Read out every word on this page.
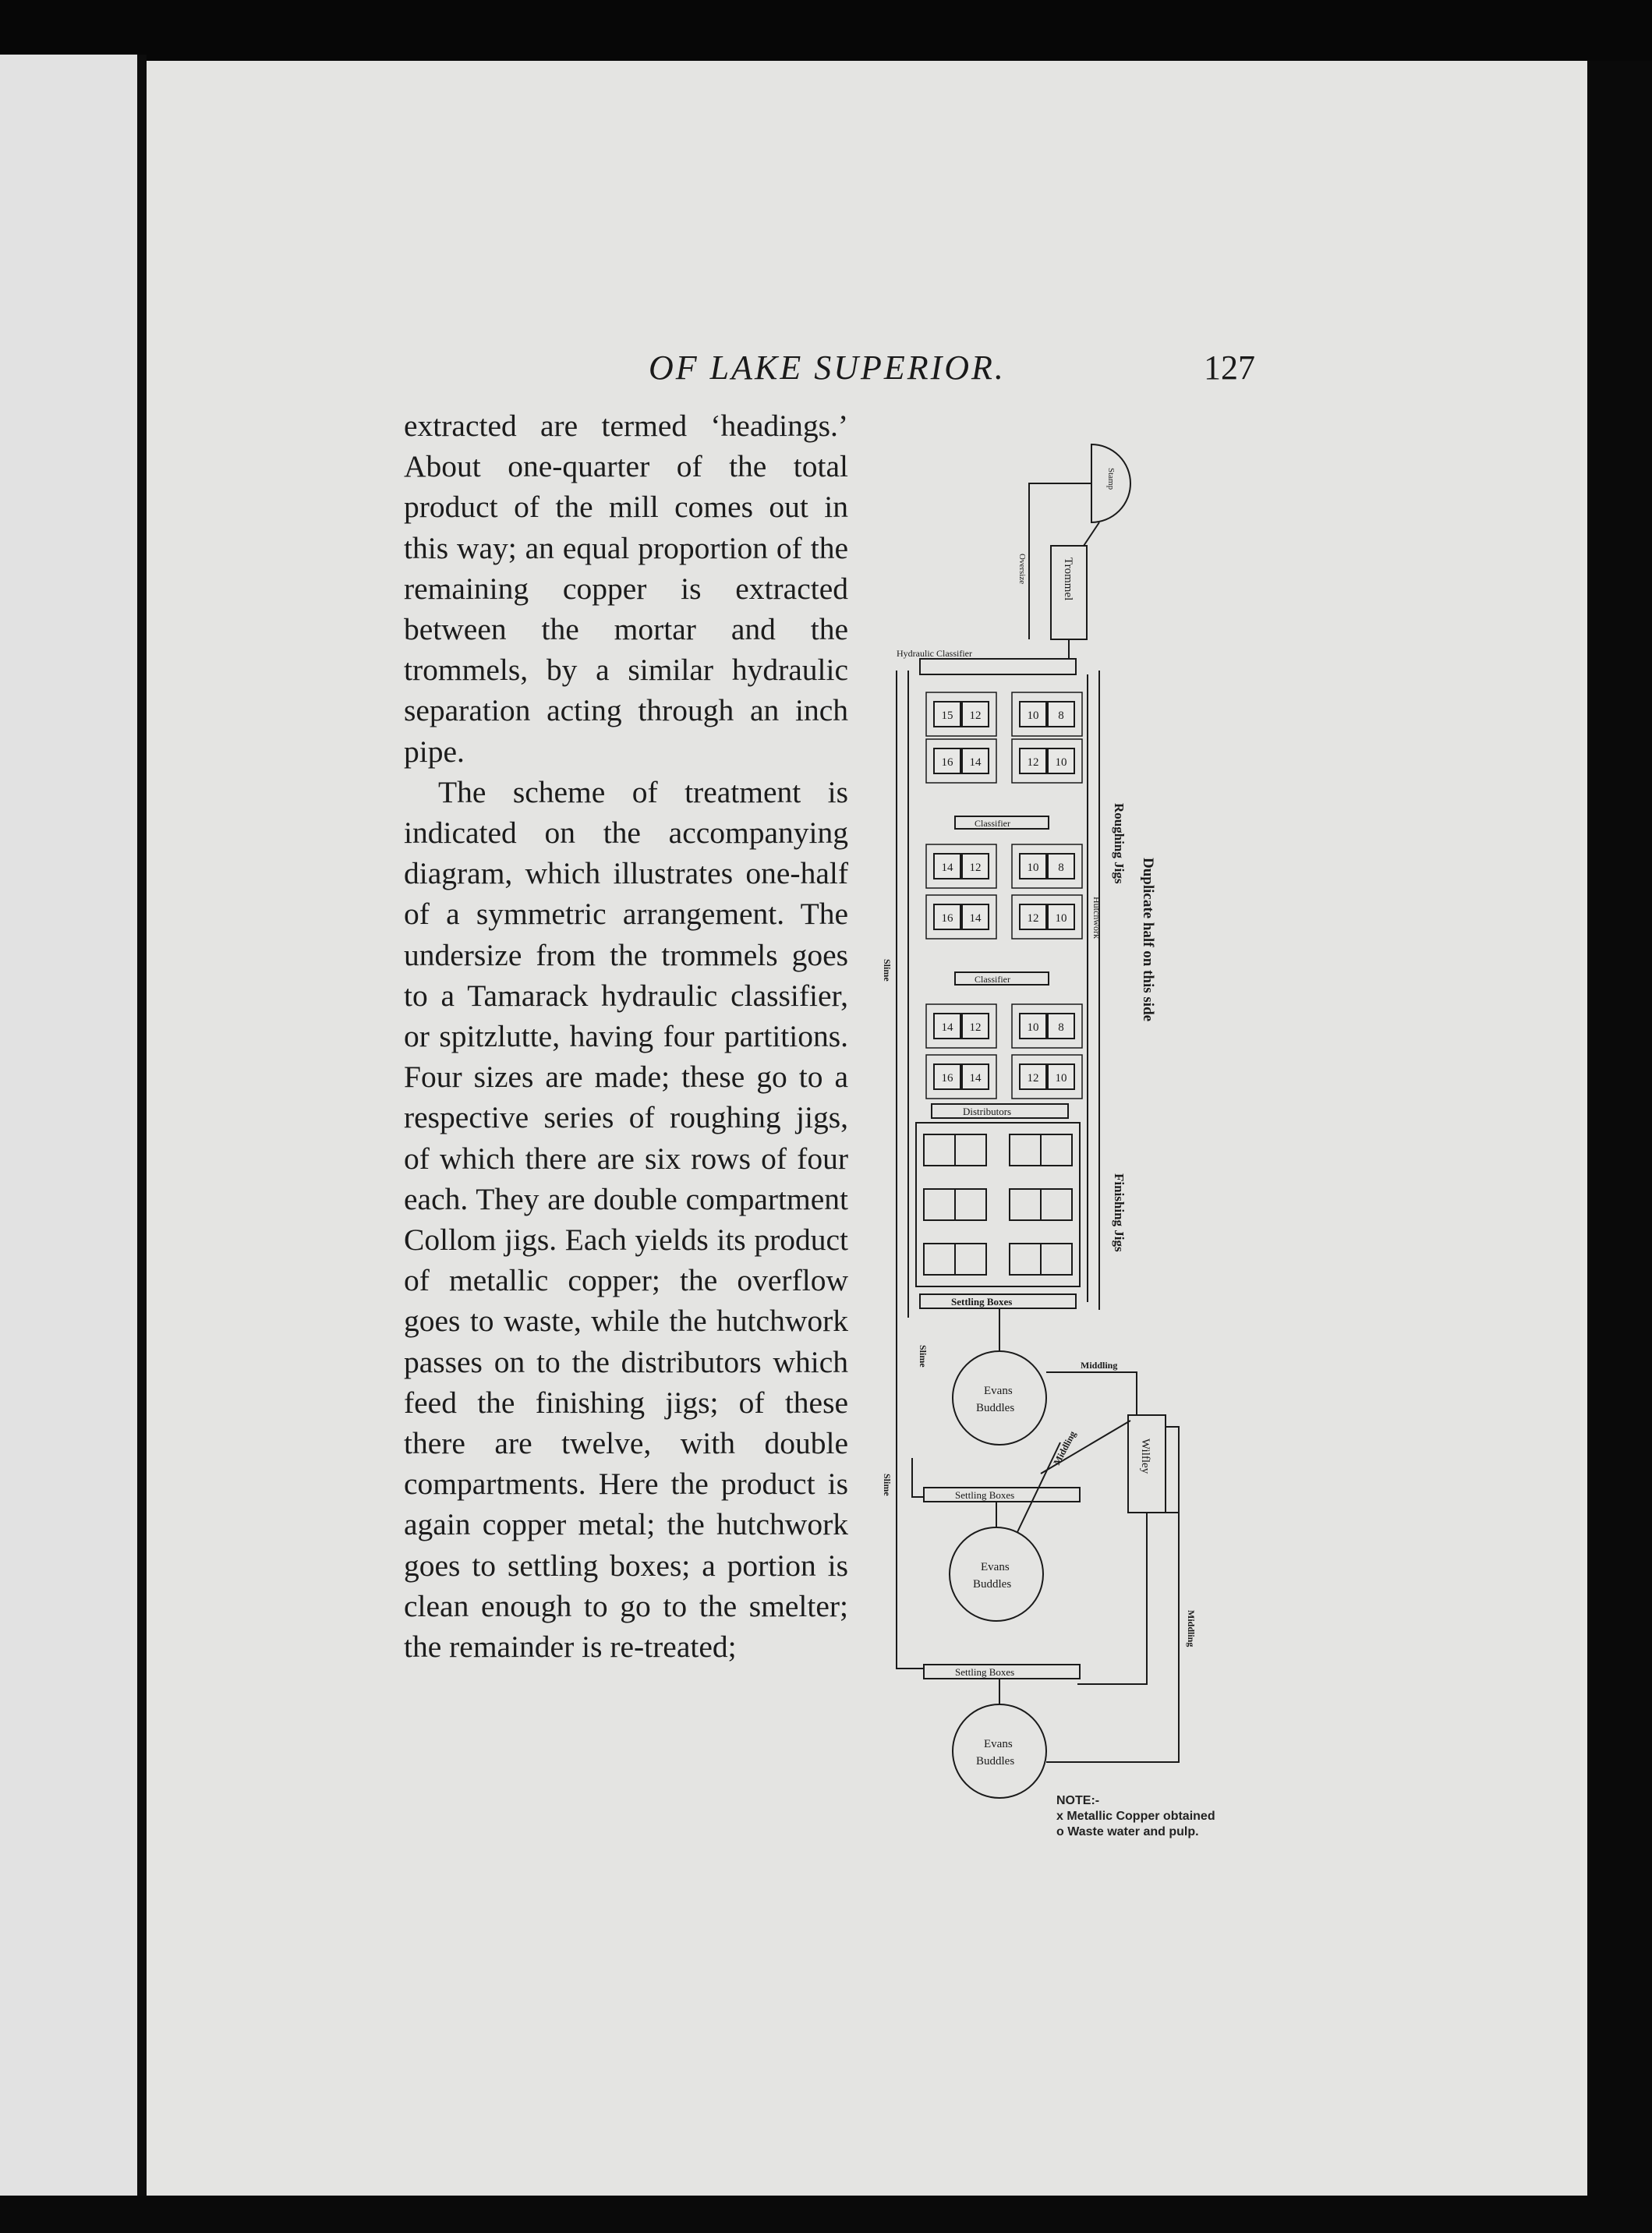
OF LAKE SUPERIOR.	127

extracted are termed ‘headings.’ About one-quarter of the total product of the mill comes out in this way; an equal proportion of the remaining copper is extracted between the mortar and the trommels, by a similar hydraulic separation acting through an inch pipe.

The scheme of treatment is indicated on the accompanying diagram, which illustrates one-half of a symmetric arrangement. The undersize from the trommels goes to a Tamarack hydraulic classifier, or spitzlutte, having four partitions. Four sizes are made; these go to a respective series of roughing jigs, of which there are six rows of four each. They are double compartment Collom jigs. Each yields its product of metallic copper; the overflow goes to waste, while the hutchwork passes on to the distributors which feed the finishing jigs; of these there are twelve, with double compartments. Here the product is again copper metal; the hutchwork goes to settling boxes; a portion is clean enough to go to the smelter; the remainder is re-treated;

15 12	10 8
16 14	12 10
14 12	10 8
16 14	12 10
14 12	10 8
16 14	12 10
Stamp
Trommel
Oversize
Hydraulic Classifier
Classifier
Classifier
Distributors
Settling Boxes
Settling Boxes
Settling Boxes
Roughing Jigs
Hutchwork
Finishing Jigs
Duplicate half on this side
Slime
Slime
Slime
Middling
Middling
Middling
Wilfley
Evans
Buddles
Evans
Buddles
Evans
Buddles
NOTE:-
x Metallic Copper obtained
o Waste water and pulp.
